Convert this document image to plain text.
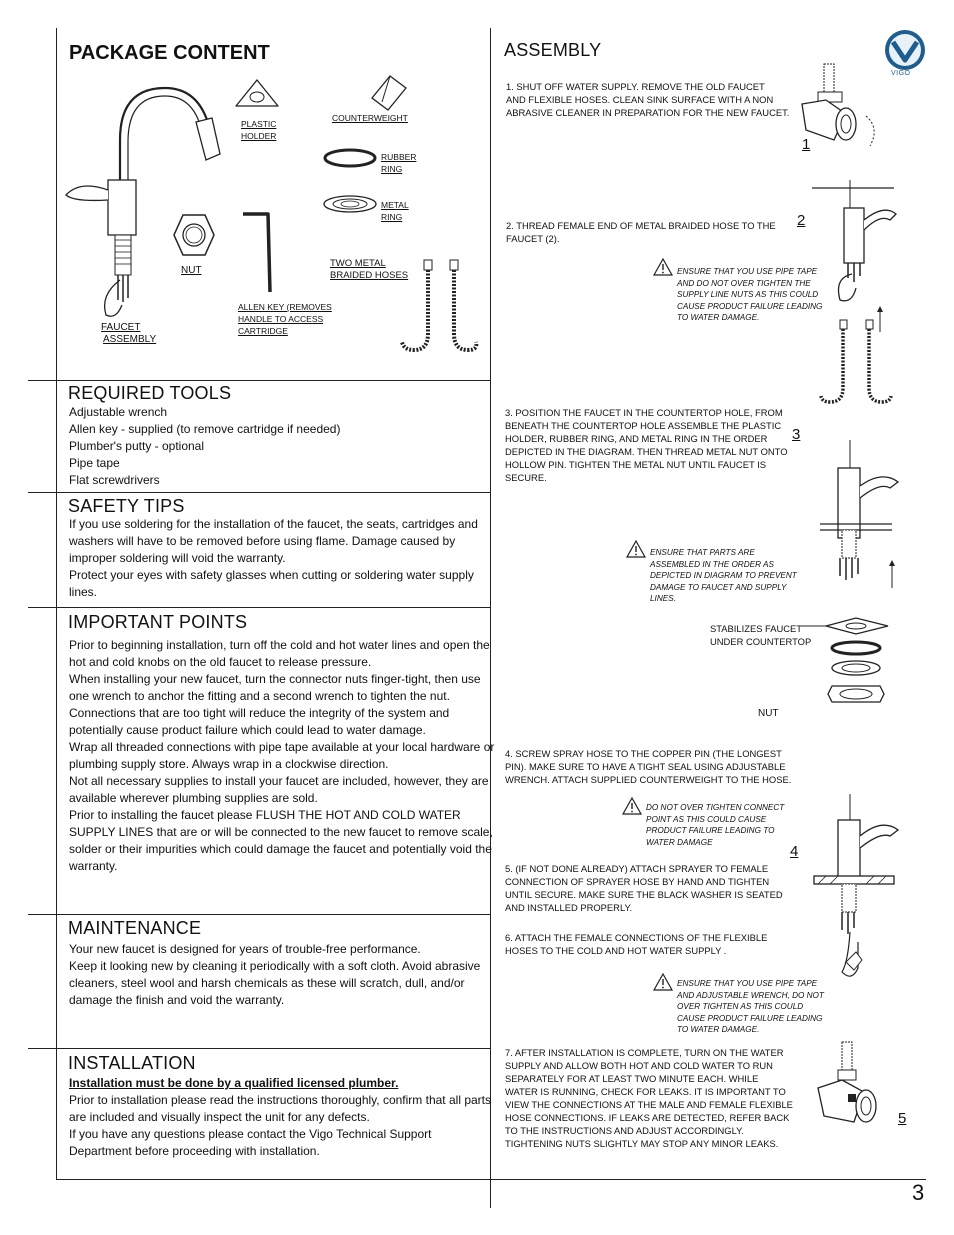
PACKAGE CONTENT
PLASTIC
HOLDER
COUNTERWEIGHT
RUBBER
RING
METAL
RING
NUT
ALLEN KEY (REMOVES
HANDLE TO ACCESS
CARTRIDGE
TWO METAL
BRAIDED HOSES
FAUCET
ASSEMBLY
REQUIRED TOOLS

Adjustable wrench

Allen key - supplied (to remove cartridge if needed)

Plumber's putty - optional

Pipe tape

Flat screwdrivers

SAFETY TIPS

If you use soldering for the installation of the faucet, the seats, cartridges and

washers will have to be removed before using flame. Damage caused by

improper soldering will void the warranty.

Protect your eyes with safety glasses when cutting or soldering water supply

lines.

IMPORTANT POINTS

Prior to beginning installation, turn off the cold and hot water lines and open the

hot and cold knobs on the old faucet to release pressure.

When installing your new faucet, turn the connector nuts finger-tight, then use

one wrench to anchor the fitting and a second wrench to tighten the nut.

Connections that are too tight will reduce the integrity of the system and

potentially cause product failure which could lead to water damage.

Wrap all threaded connections with pipe tape available at your local hardware or

plumbing supply store. Always wrap in a clockwise direction.

Not all necessary supplies to install your faucet are included, however, they are

available wherever plumbing supplies are sold.

Prior to installing the faucet please FLUSH THE HOT AND COLD WATER

SUPPLY LINES that are or will be connected to the new faucet to remove scale,

solder or their impurities which could damage the faucet and potentially void the

warranty.

MAINTENANCE

Your new faucet is designed for years of trouble-free performance.

Keep it looking new by cleaning it periodically with a soft cloth. Avoid abrasive

cleaners, steel wool and harsh chemicals as these will scratch, dull, and/or

damage the finish and void the warranty.

INSTALLATION

Installation must be done by a qualified licensed plumber.

Prior to installation please read the instructions thoroughly, confirm that all parts

are included and visually inspect the unit for any defects.

If you have any questions please contact the Vigo Technical Support

Department before proceeding with installation.

ASSEMBLY
VIGO
1. SHUT OFF WATER SUPPLY. REMOVE THE OLD FAUCET
AND FLEXIBLE HOSES. CLEAN SINK SURFACE WITH A NON
ABRASIVE CLEANER IN PREPARATION FOR THE NEW FAUCET.
1
2. THREAD FEMALE END OF METAL BRAIDED HOSE TO THE
FAUCET (2).
2
ENSURE THAT YOU USE PIPE TAPE
AND DO NOT OVER TIGHTEN THE
SUPPLY LINE NUTS AS THIS COULD
CAUSE PRODUCT FAILURE LEADING
TO WATER DAMAGE.
3. POSITION THE FAUCET IN THE COUNTERTOP HOLE, FROM
BENEATH THE COUNTERTOP HOLE ASSEMBLE THE PLASTIC
HOLDER, RUBBER RING, AND METAL RING IN THE ORDER
DEPICTED IN THE DIAGRAM. THEN THREAD METAL NUT ONTO
HOLLOW PIN. TIGHTEN THE METAL NUT UNTIL FAUCET IS
SECURE.
3
ENSURE THAT PARTS ARE
ASSEMBLED IN THE ORDER AS
DEPICTED IN DIAGRAM TO PREVENT
DAMAGE TO FAUCET AND SUPPLY
LINES.
STABILIZES FAUCET
UNDER COUNTERTOP
NUT
4. SCREW SPRAY HOSE TO THE COPPER PIN (THE LONGEST
PIN). MAKE SURE TO HAVE A TIGHT SEAL USING ADJUSTABLE
WRENCH. ATTACH SUPPLIED COUNTERWEIGHT TO THE HOSE.
DO NOT OVER TIGHTEN CONNECT
POINT AS THIS COULD CAUSE
PRODUCT FAILURE LEADING TO
WATER DAMAGE
4
5. (IF NOT DONE ALREADY) ATTACH SPRAYER TO FEMALE
CONNECTION OF SPRAYER HOSE BY HAND AND TIGHTEN
UNTIL SECURE. MAKE SURE THE BLACK WASHER IS SEATED
AND INSTALLED PROPERLY.
6. ATTACH THE FEMALE CONNECTIONS OF THE FLEXIBLE
HOSES TO THE COLD AND HOT WATER SUPPLY .
ENSURE THAT YOU USE PIPE TAPE
AND ADJUSTABLE WRENCH, DO NOT
OVER TIGHTEN AS THIS COULD
CAUSE PRODUCT FAILURE LEADING
TO WATER DAMAGE.
7. AFTER INSTALLATION IS COMPLETE, TURN ON THE WATER
SUPPLY AND ALLOW BOTH HOT AND COLD WATER TO RUN
SEPARATELY FOR AT LEAST TWO MINUTE EACH. WHILE
WATER IS RUNNING, CHECK FOR LEAKS. IT IS IMPORTANT TO
VIEW THE CONNECTIONS AT THE MALE AND FEMALE FLEXIBLE
HOSE CONNECTIONS. IF LEAKS ARE DETECTED, REFER BACK
TO THE INSTRUCTIONS AND ADJUST ACCORDINGLY.
TIGHTENING NUTS SLIGHTLY MAY STOP ANY MINOR LEAKS.
5
3
